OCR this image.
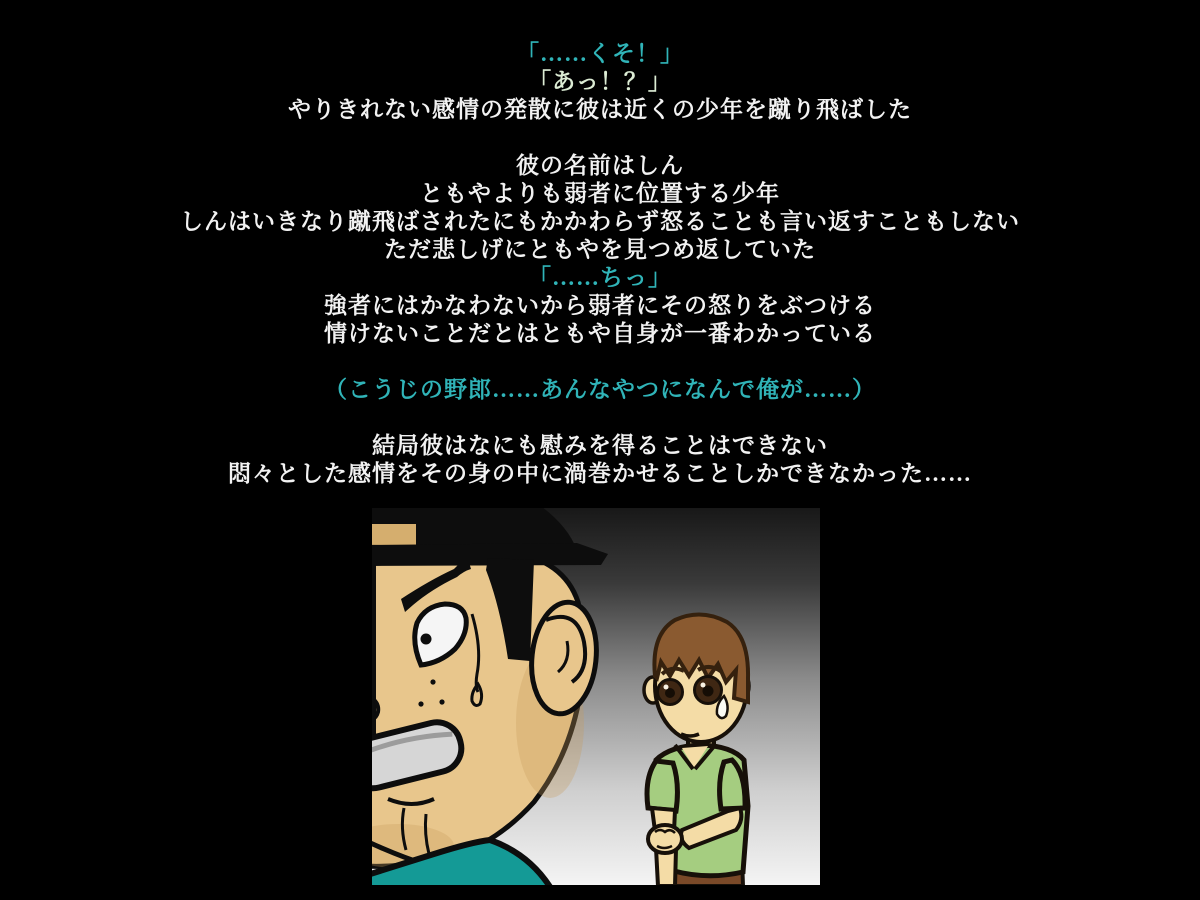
「……くそ！」
「あっ！？」
やりきれない感情の発散に彼は近くの少年を蹴り飛ばした
彼の名前はしん
ともやよりも弱者に位置する少年
しんはいきなり蹴飛ばされたにもかかわらず怒ることも言い返すこともしない
ただ悲しげにともやを見つめ返していた
「……ちっ」
強者にはかなわないから弱者にその怒りをぶつける
情けないことだとはともや自身が一番わかっている
（こうじの野郎……あんなやつになんで俺が……）
結局彼はなにも慰みを得ることはできない
悶々とした感情をその身の中に渦巻かせることしかできなかった……
